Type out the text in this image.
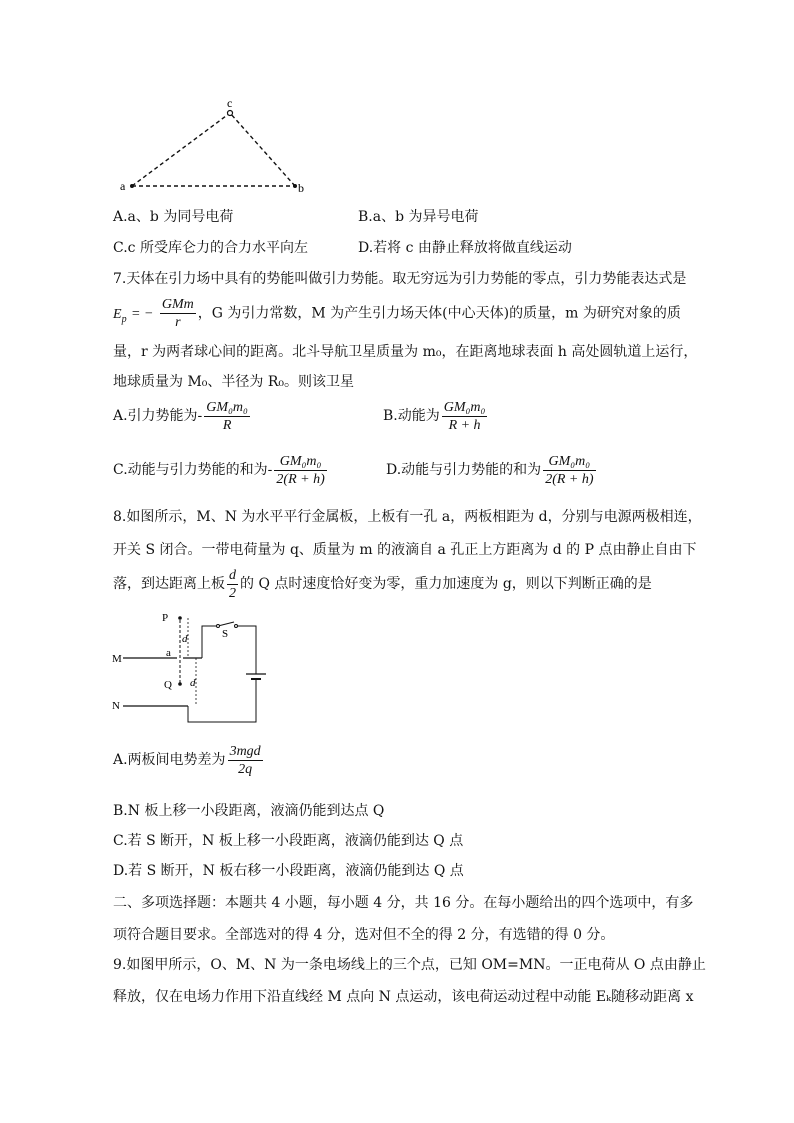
a	b
c
A.a、b 为同号电荷	B.a、b 为异号电荷
C.c 所受库仑力的合力水平向左	D.若将 c 由静止释放将做直线运动
7.天体在引力场中具有的势能叫做引力势能。取无穷远为引力势能的零点，引力势能表达式是
$E_p$ = − $\frac{\text{GMm}}{r}$ ，G 为引力常数，M 为产生引力场天体(中心天体)的质量，m 为研究对象的质
量，r 为两者球心间的距离。北斗导航卫星质量为 m₀，在距离地球表面 h 高处圆轨道上运行，
地球质量为 M₀、半径为 R₀。则该卫星
A.引力势能为- $\frac{\text{GM₀m₀}}{R}$	B.动能为 $\frac{\text{GM₀m₀}}{R + h}$
C.动能与引力势能的和为- $\frac{\text{GM₀m₀}}{2(R + h)}$	D.动能与引力势能的和为 $\frac{\text{GM₀m₀}}{2(R + h)}$
8.如图所示，M、N 为水平平行金属板，上板有一孔 a，两板相距为 d，分别与电源两极相连，
开关 S 闭合。一带电荷量为 q、质量为 m 的液滴自 a 孔正上方距离为 d 的 P 点由静止自由下
落，到达距离上板 $\frac{d}{2}$ 的 Q 点时速度恰好变为零，重力加速度为 g，则以下判断正确的是
P
S
M	a
Q
N
d
d
A.两板间电势差为 $\frac{\text{3mgd}}{2q}$
B.N 板上移一小段距离，液滴仍能到达点 Q
C.若 S 断开，N 板上移一小段距离，液滴仍能到达 Q 点
D.若 S 断开，N 板右移一小段距离，液滴仍能到达 Q 点
二、多项选择题：本题共 4 小题，每小题 4 分，共 16 分。在每小题给出的四个选项中，有多
项符合题目要求。全部选对的得 4 分，选对但不全的得 2 分，有选错的得 0 分。
9.如图甲所示，O、M、N 为一条电场线上的三个点，已知 OM=MN。一正电荷从 O 点由静止
释放，仅在电场力作用下沿直线经 M 点向 N 点运动，该电荷运动过程中动能 Eₖ随移动距离 x
